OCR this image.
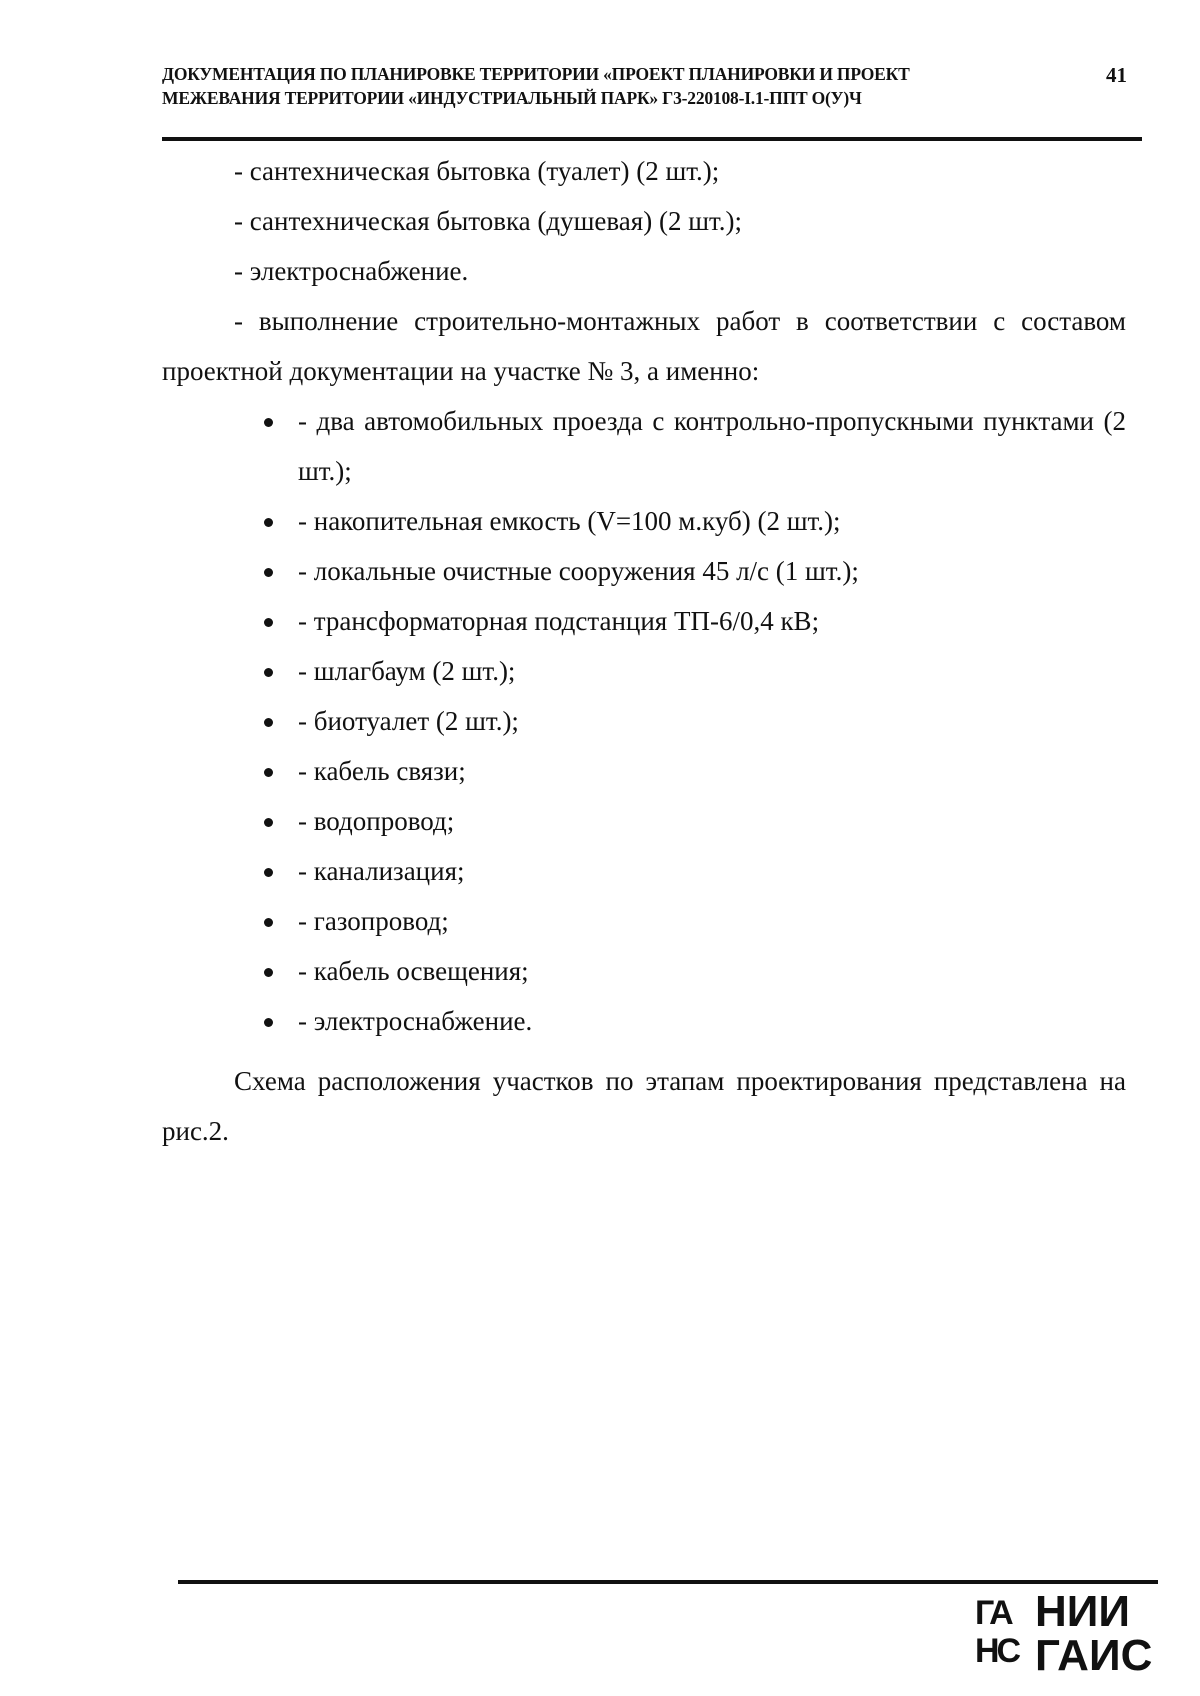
ДОКУМЕНТАЦИЯ ПО ПЛАНИРОВКЕ ТЕРРИТОРИИ «ПРОЕКТ ПЛАНИРОВКИ И ПРОЕКТ
МЕЖЕВАНИЯ ТЕРРИТОРИИ «ИНДУСТРИАЛЬНЫЙ ПАРК» Г3-220108-I.1-ППТ О(У)Ч
41

- сантехническая бытовка (туалет) (2 шт.);

- сантехническая бытовка (душевая) (2 шт.);

- электроснабжение.

- выполнение строительно-монтажных работ в соответствии с составом проектной документации на участке № 3, а именно:

- два автомобильных проезда с контрольно-пропускными пунктами (2 шт.);
- накопительная емкость (V=100 м.куб) (2 шт.);
- локальные очистные сооружения 45 л/с (1 шт.);
- трансформаторная подстанция ТП-6/0,4 кВ;
- шлагбаум (2 шт.);
- биотуалет (2 шт.);
- кабель связи;
- водопровод;
- канализация;
- газопровод;
- кабель освещения;
- электроснабжение.

Схема расположения участков по этапам проектирования представлена на рис.2.

ГА
НС
НИИ
ГАИС
